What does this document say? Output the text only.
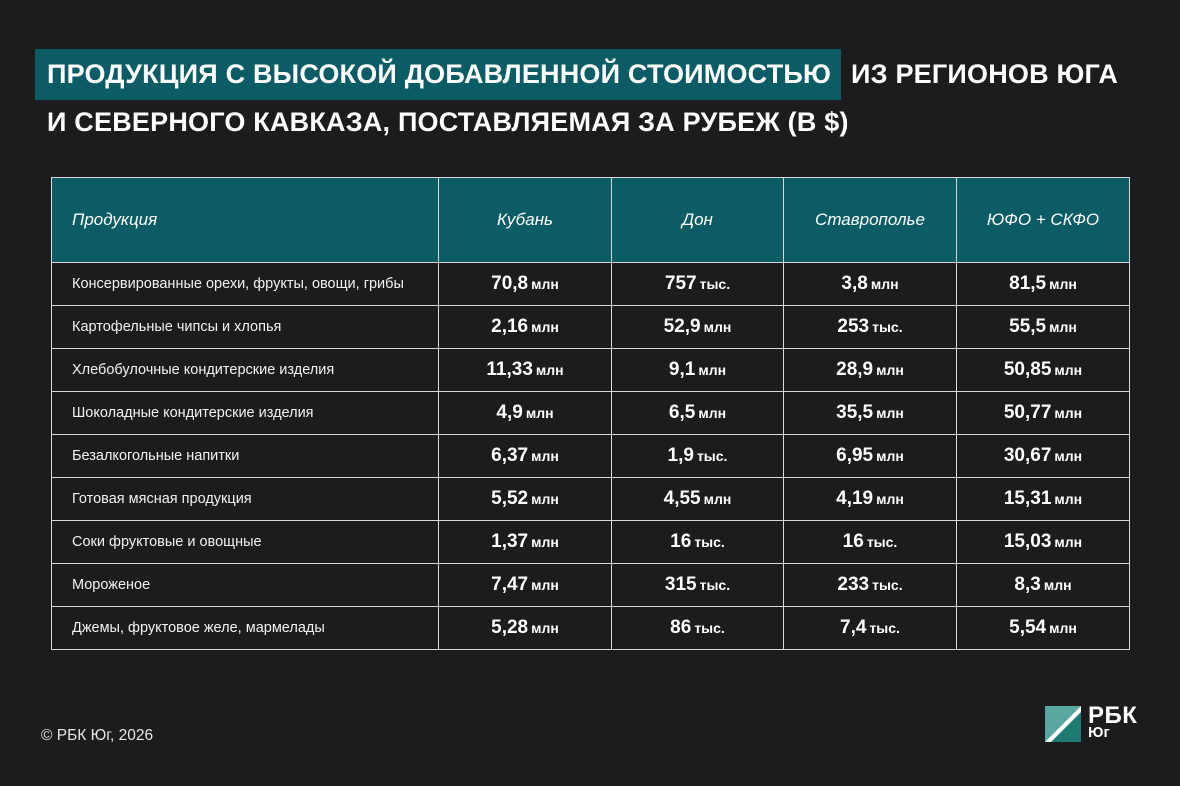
ПРОДУКЦИЯ С ВЫСОКОЙ ДОБАВЛЕННОЙ СТОИМОСТЬЮ ИЗ РЕГИОНОВ ЮГА
И СЕВЕРНОГО КАВКАЗА, ПОСТАВЛЯЕМАЯ ЗА РУБЕЖ (В $)
Продукция	Кубань	Дон	Ставрополье	ЮФО + СКФО
Консервированные орехи, фрукты, овощи, грибы	70,8 млн	757 тыс.	3,8 млн	81,5 млн
Картофельные чипсы и хлопья	2,16 млн	52,9 млн	253 тыс.	55,5 млн
Хлебобулочные кондитерские изделия	11,33 млн	9,1 млн	28,9 млн	50,85 млн
Шоколадные кондитерские изделия	4,9 млн	6,5 млн	35,5 млн	50,77 млн
Безалкогольные напитки	6,37 млн	1,9 тыс.	6,95 млн	30,67 млн
Готовая мясная продукция	5,52 млн	4,55 млн	4,19 млн	15,31 млн
Соки фруктовые и овощные	1,37 млн	16 тыс.	16 тыс.	15,03 млн
Мороженое	7,47 млн	315 тыс.	233 тыс.	8,3 млн
Джемы, фруктовое желе, мармелады	5,28 млн	86 тыс.	7,4 тыс.	5,54 млн
© РБК Юг, 2026
РБК
Юг
